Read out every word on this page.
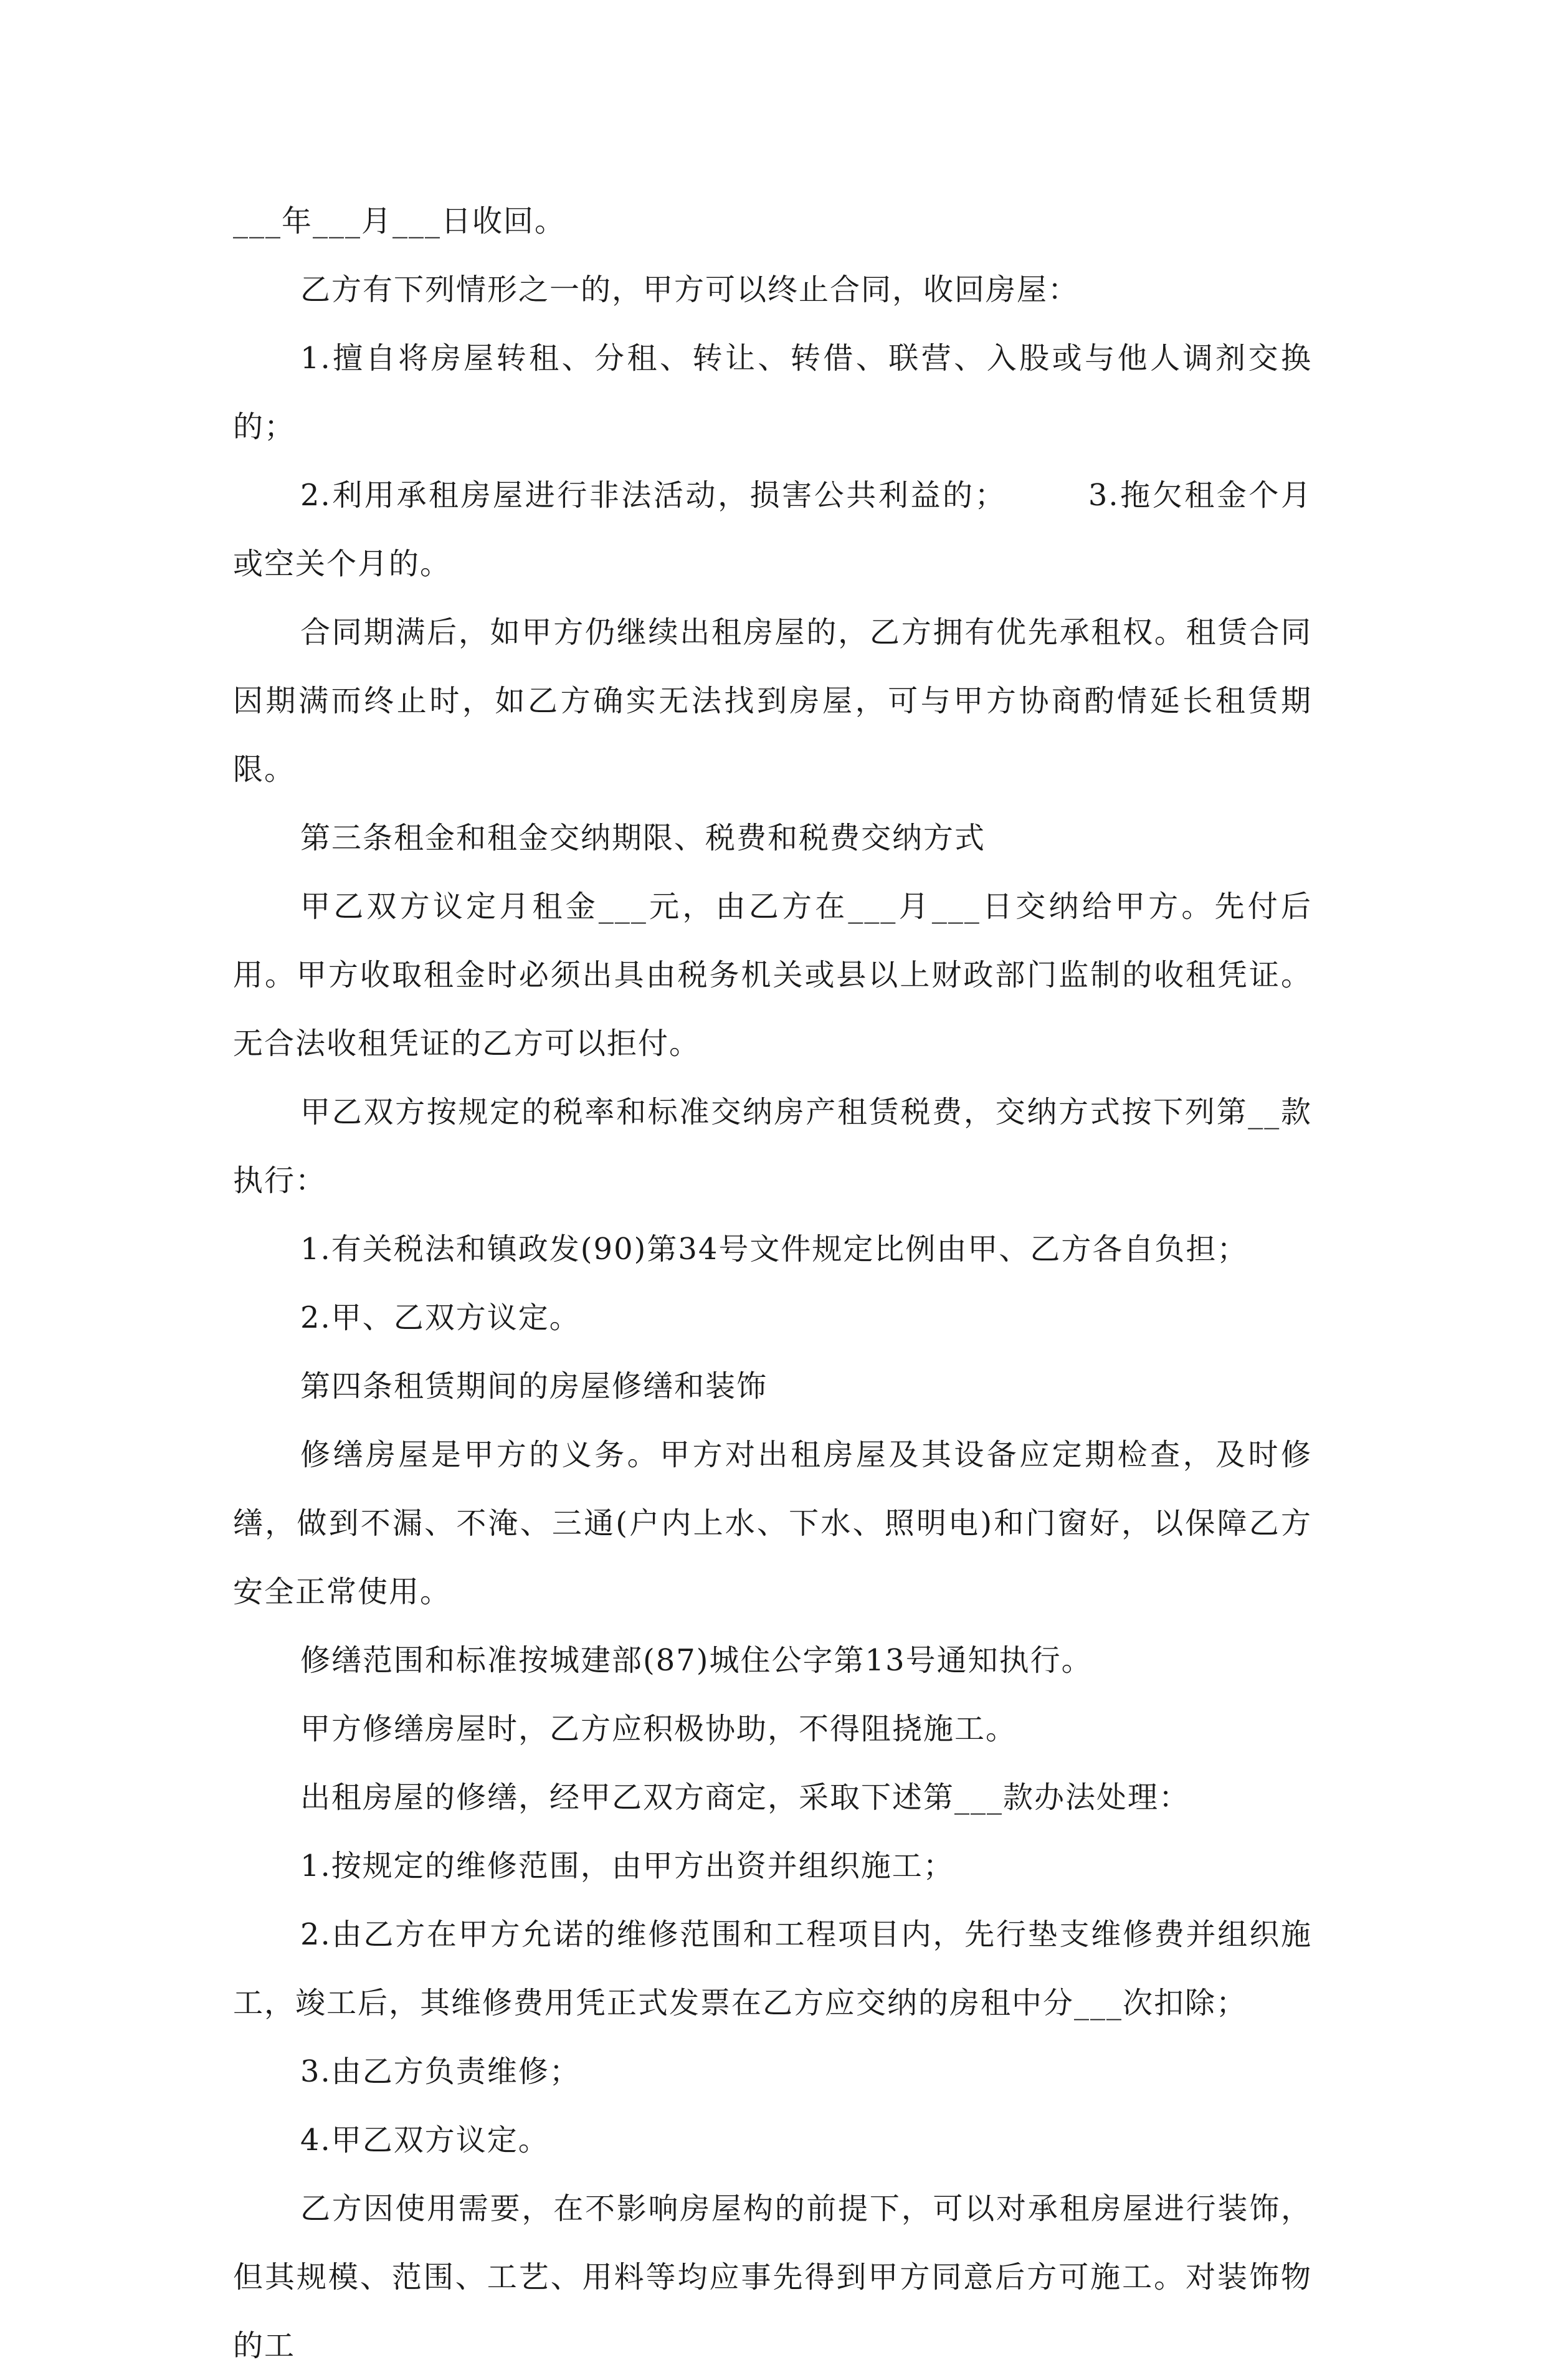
___年___月___日收回。

乙方有下列情形之一的，甲方可以终止合同，收回房屋：

1.擅自将房屋转租、分租、转让、转借、联营、入股或与他人调剂交换的；

2.利用承租房屋进行非法活动，损害公共利益的；　　　3.拖欠租金个月或空关个月的。

合同期满后，如甲方仍继续出租房屋的，乙方拥有优先承租权。租赁合同因期满而终止时，如乙方确实无法找到房屋，可与甲方协商酌情延长租赁期限。

第三条租金和租金交纳期限、税费和税费交纳方式

甲乙双方议定月租金___元，由乙方在___月___日交纳给甲方。先付后用。甲方收取租金时必须出具由税务机关或县以上财政部门监制的收租凭证。无合法收租凭证的乙方可以拒付。

甲乙双方按规定的税率和标准交纳房产租赁税费，交纳方式按下列第__款执行：

1.有关税法和镇政发(90)第34号文件规定比例由甲、乙方各自负担；

2.甲、乙双方议定。

第四条租赁期间的房屋修缮和装饰

修缮房屋是甲方的义务。甲方对出租房屋及其设备应定期检查，及时修缮，做到不漏、不淹、三通(户内上水、下水、照明电)和门窗好，以保障乙方安全正常使用。

修缮范围和标准按城建部(87)城住公字第13号通知执行。

甲方修缮房屋时，乙方应积极协助，不得阻挠施工。

出租房屋的修缮，经甲乙双方商定，采取下述第___款办法处理：

1.按规定的维修范围，由甲方出资并组织施工；

2.由乙方在甲方允诺的维修范围和工程项目内，先行垫支维修费并组织施工，竣工后，其维修费用凭正式发票在乙方应交纳的房租中分___次扣除；

3.由乙方负责维修；

4.甲乙双方议定。

乙方因使用需要，在不影响房屋构的前提下，可以对承租房屋进行装饰，但其规模、范围、工艺、用料等均应事先得到甲方同意后方可施工。对装饰物的工
